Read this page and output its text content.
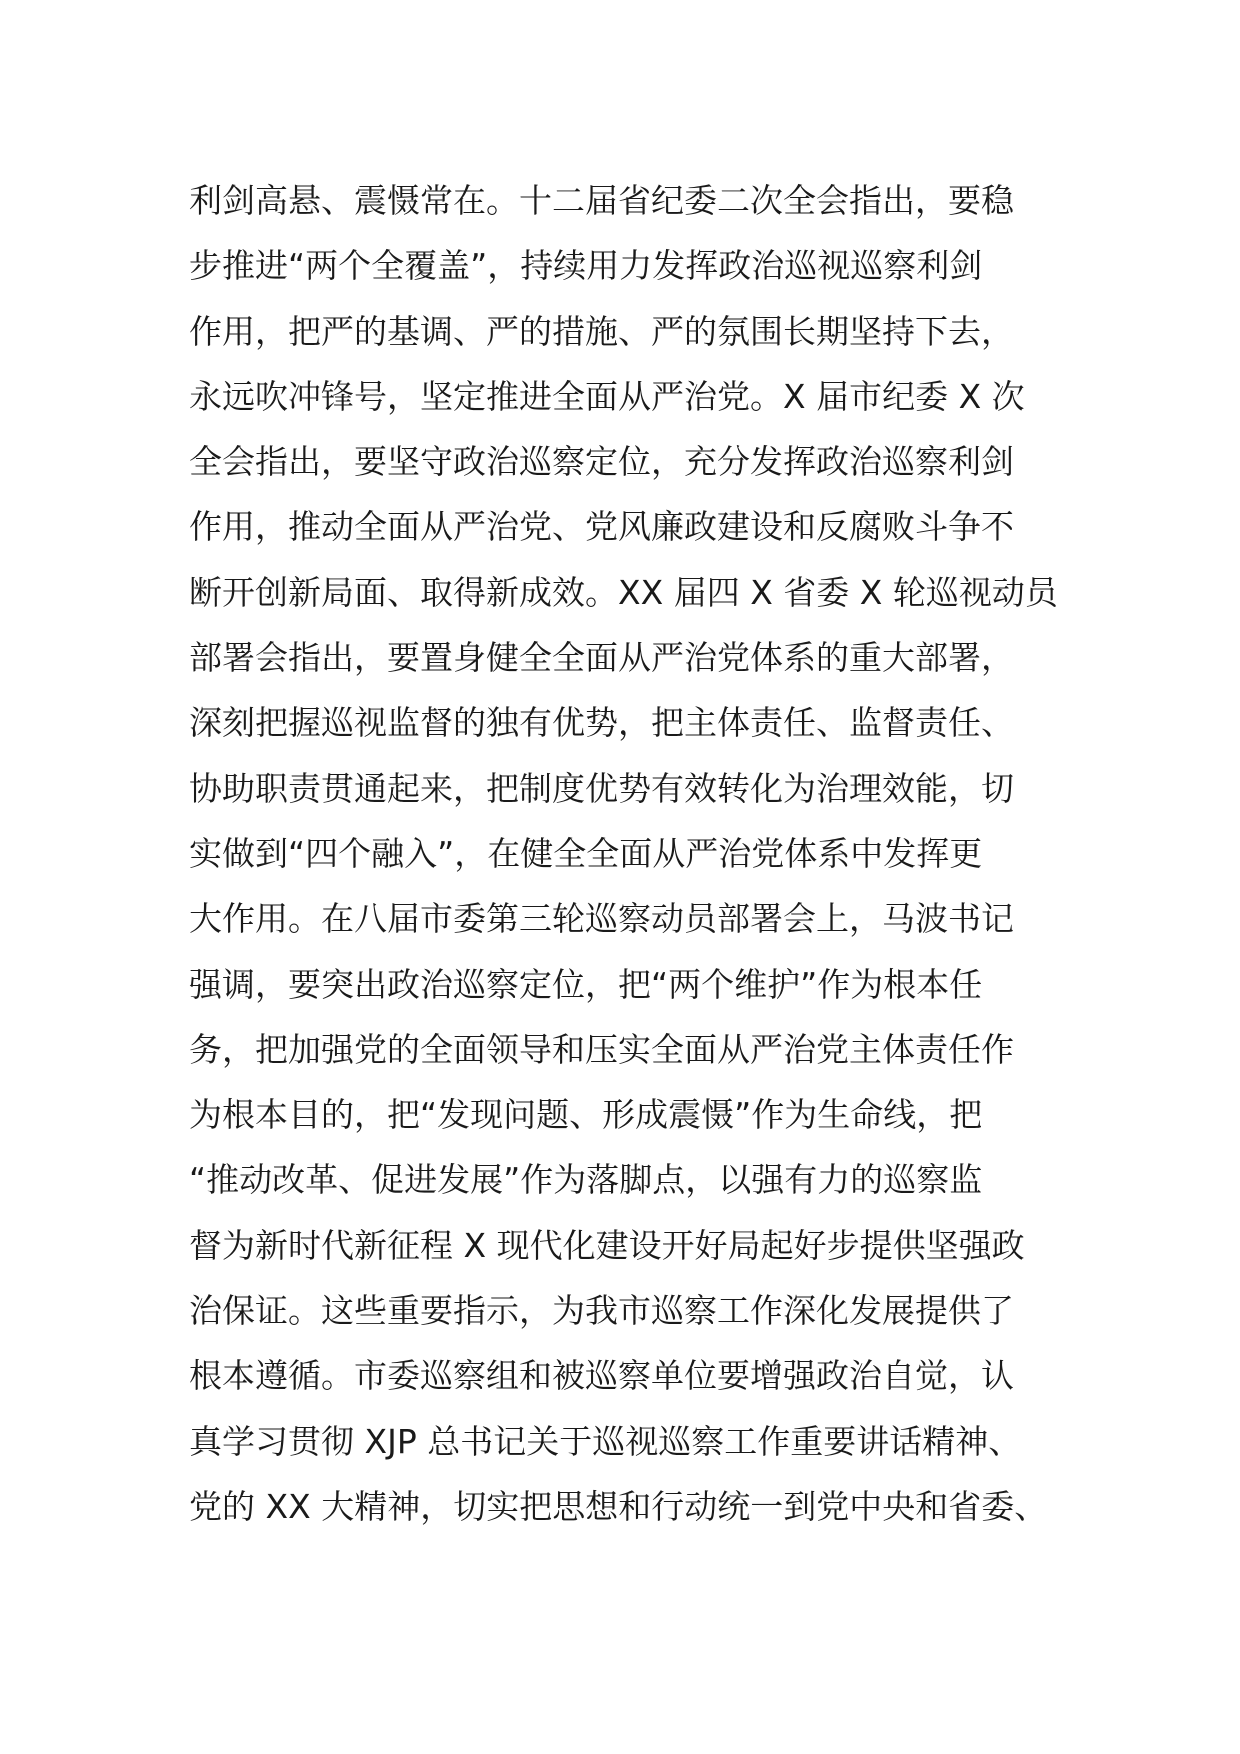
利剑高悬、震慑常在。十二届省纪委二次全会指出，要稳
步推进“两个全覆盖”，持续用力发挥政治巡视巡察利剑
作用，把严的基调、严的措施、严的氛围长期坚持下去，
永远吹冲锋号，坚定推进全面从严治党。X 届市纪委 X 次
全会指出，要坚守政治巡察定位，充分发挥政治巡察利剑
作用，推动全面从严治党、党风廉政建设和反腐败斗争不
断开创新局面、取得新成效。XX 届四 X 省委 X 轮巡视动员
部署会指出，要置身健全全面从严治党体系的重大部署，
深刻把握巡视监督的独有优势，把主体责任、监督责任、
协助职责贯通起来，把制度优势有效转化为治理效能，切
实做到“四个融入”，在健全全面从严治党体系中发挥更
大作用。在八届市委第三轮巡察动员部署会上，马波书记
强调，要突出政治巡察定位，把“两个维护”作为根本任
务，把加强党的全面领导和压实全面从严治党主体责任作
为根本目的，把“发现问题、形成震慑”作为生命线，把
“推动改革、促进发展”作为落脚点，以强有力的巡察监
督为新时代新征程 X 现代化建设开好局起好步提供坚强政
治保证。这些重要指示，为我市巡察工作深化发展提供了
根本遵循。市委巡察组和被巡察单位要增强政治自觉，认
真学习贯彻 XJP 总书记关于巡视巡察工作重要讲话精神、
党的 XX 大精神，切实把思想和行动统一到党中央和省委、
